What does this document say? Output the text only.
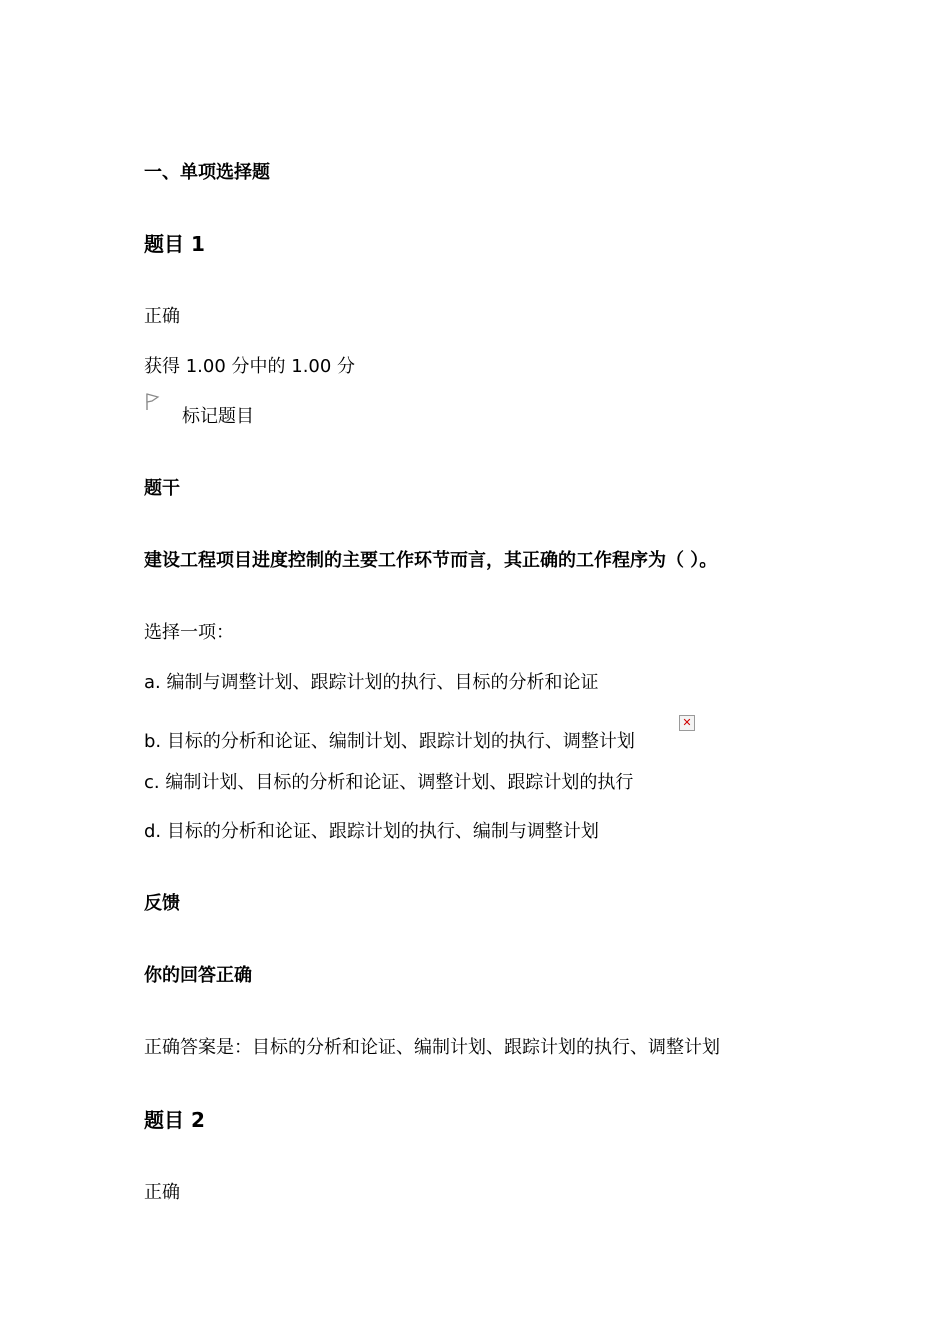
一、单项选择题
题目 1
正确
获得 1.00 分中的 1.00 分
标记题目
题干
建设工程项目进度控制的主要工作环节而言，其正确的工作程序为（ ）。
选择一项：
a. 编制与调整计划、跟踪计划的执行、目标的分析和论证
b. 目标的分析和论证、编制计划、跟踪计划的执行、调整计划
✕
c. 编制计划、目标的分析和论证、调整计划、跟踪计划的执行
d. 目标的分析和论证、跟踪计划的执行、编制与调整计划
反馈
你的回答正确
正确答案是：目标的分析和论证、编制计划、跟踪计划的执行、调整计划
题目 2
正确
